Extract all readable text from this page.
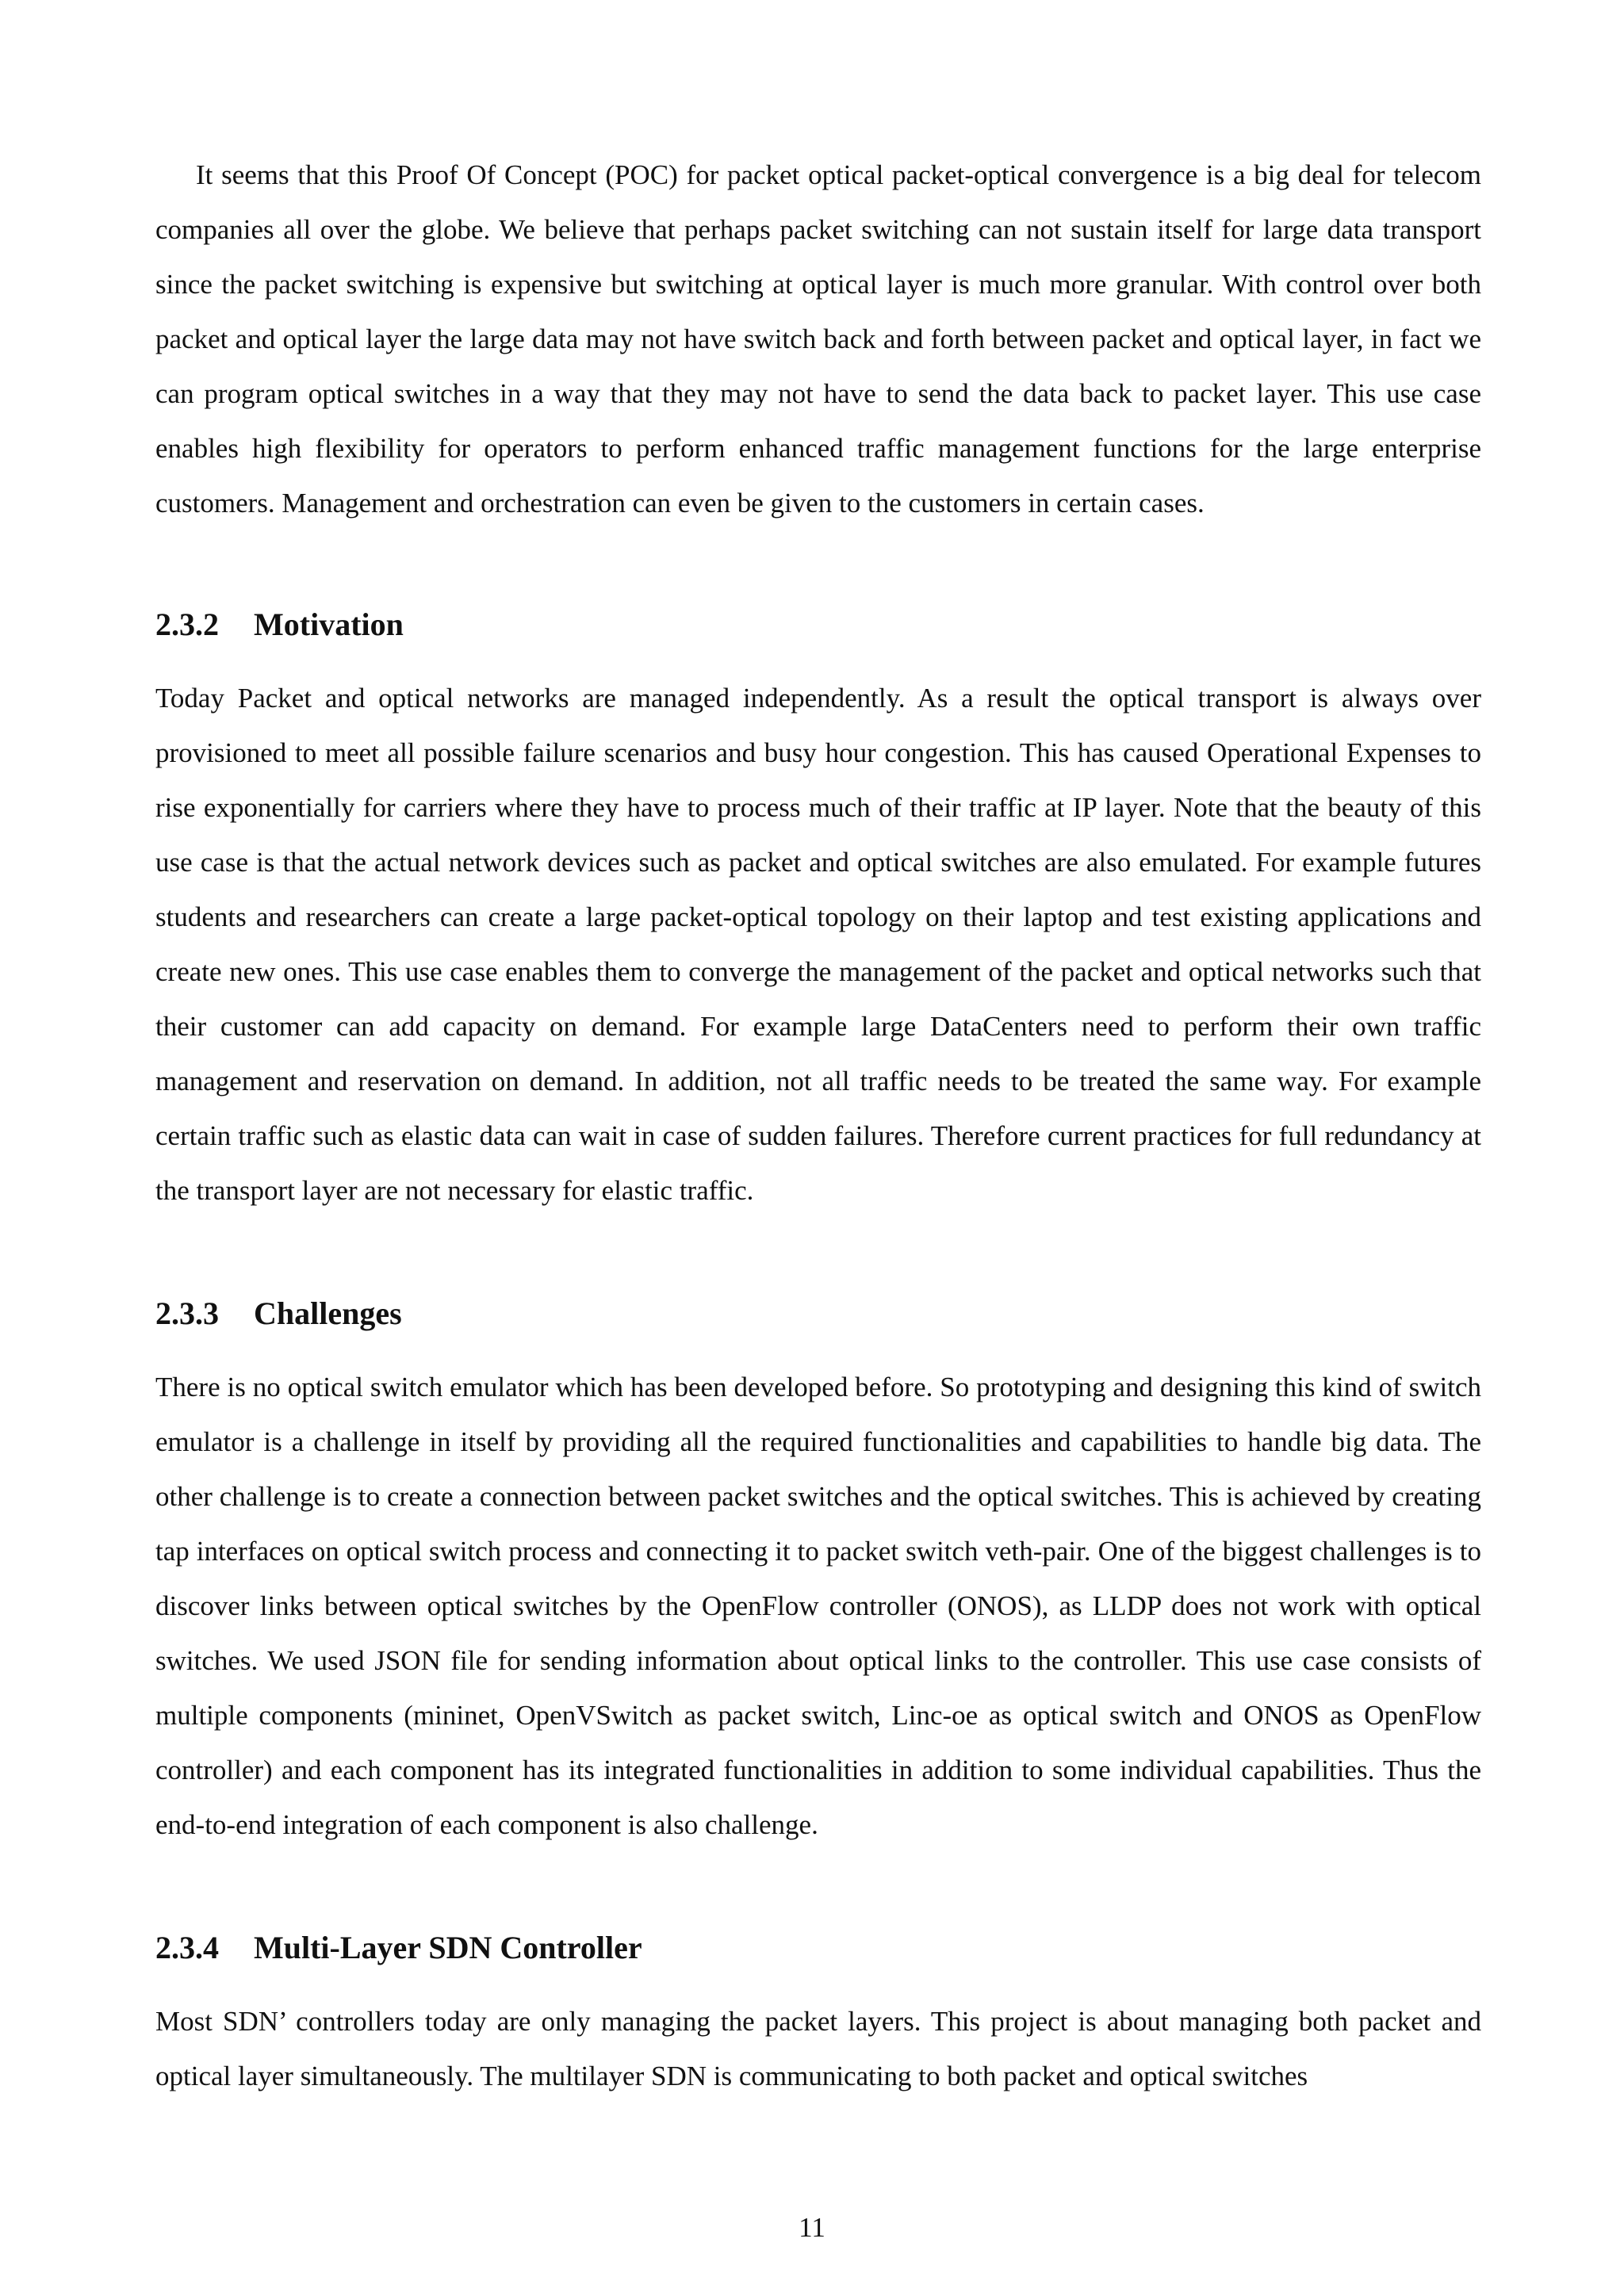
It seems that this Proof Of Concept (POC) for packet optical packet-optical convergence is a big deal for telecom companies all over the globe. We believe that perhaps packet switching can not sustain itself for large data transport since the packet switching is expensive but switching at optical layer is much more granular. With control over both packet and optical layer the large data may not have switch back and forth between packet and optical layer, in fact we can program optical switches in a way that they may not have to send the data back to packet layer. This use case enables high flexibility for operators to perform enhanced traffic management functions for the large enterprise customers. Management and orchestration can even be given to the customers in certain cases.

2.3.2	Motivation

Today Packet and optical networks are managed independently. As a result the optical transport is always over provisioned to meet all possible failure scenarios and busy hour congestion. This has caused Operational Expenses to rise exponentially for carriers where they have to process much of their traffic at IP layer. Note that the beauty of this use case is that the actual network devices such as packet and optical switches are also emulated. For example futures students and researchers can create a large packet-optical topology on their laptop and test existing applications and create new ones. This use case enables them to converge the management of the packet and optical networks such that their customer can add capacity on demand. For example large DataCenters need to perform their own traffic management and reservation on demand. In addition, not all traffic needs to be treated the same way. For example certain traffic such as elastic data can wait in case of sudden failures. Therefore current practices for full redundancy at the transport layer are not necessary for elastic traffic.

2.3.3	Challenges

There is no optical switch emulator which has been developed before. So prototyping and designing this kind of switch emulator is a challenge in itself by providing all the required functionalities and capabilities to handle big data. The other challenge is to create a connection between packet switches and the optical switches. This is achieved by creating tap interfaces on optical switch process and connecting it to packet switch veth-pair. One of the biggest challenges is to discover links between optical switches by the OpenFlow controller (ONOS), as LLDP does not work with optical switches. We used JSON file for sending information about optical links to the controller. This use case consists of multiple components (mininet, OpenVSwitch as packet switch, Linc-oe as optical switch and ONOS as OpenFlow controller) and each component has its integrated functionalities in addition to some individual capabilities. Thus the end-to-end integration of each component is also challenge.

2.3.4	Multi-Layer SDN Controller

Most SDN’ controllers today are only managing the packet layers. This project is about managing both packet and optical layer simultaneously. The multilayer SDN is communicating to both packet and optical switches

11
